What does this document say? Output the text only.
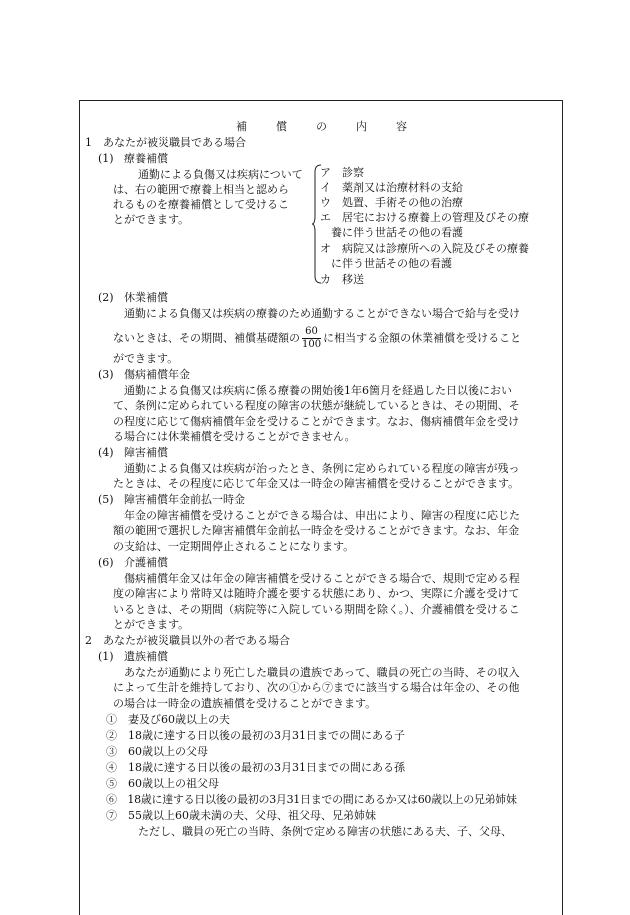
補	償	の	内	容
1　あなたが被災職員である場合
(1) 療養補償
通勤による負傷又は疾病について
は、右の範囲で療養上相当と認めら
れるものを療養補償として受けるこ
とができます。
ア　診察
イ　薬剤又は治療材料の支給
ウ　処置、手術その他の治療
エ　居宅における療養上の管理及びその療
　養に伴う世話その他の看護
オ　病院又は診療所への入院及びその療養
　に伴う世話その他の看護
カ　移送
(2) 休業補償
通勤による負傷又は疾病の療養のため通勤することができない場合で給与を受け
ないときは、その期間、補償基礎額の $\frac{60}{100}$ に相当する金額の休業補償を受けること
ができます。
(3) 傷病補償年金
通勤による負傷又は疾病に係る療養の開始後1年6箇月を経過した日以後におい
て、条例に定められている程度の障害の状態が継続しているときは、その期間、そ
の程度に応じて傷病補償年金を受けることができます。なお、傷病補償年金を受け
る場合には休業補償を受けることができません。
(4) 障害補償
通勤による負傷又は疾病が治ったとき、条例に定められている程度の障害が残っ
たときは、その程度に応じて年金又は一時金の障害補償を受けることができます。
(5) 障害補償年金前払一時金
年金の障害補償を受けることができる場合は、申出により、障害の程度に応じた
額の範囲で選択した障害補償年金前払一時金を受けることができます。なお、年金
の支給は、一定期間停止されることになります。
(6) 介護補償
傷病補償年金又は年金の障害補償を受けることができる場合で、規則で定める程
度の障害により常時又は随時介護を要する状態にあり、かつ、実際に介護を受けて
いるときは、その期間（病院等に入院している期間を除く。）、介護補償を受けるこ
とができます。
2　あなたが被災職員以外の者である場合
(1) 遺族補償
あなたが通勤により死亡した職員の遺族であって、職員の死亡の当時、その収入
によって生計を維持しており、次の①から⑦までに該当する場合は年金の、その他
の場合は一時金の遺族補償を受けることができます。
①　 妻及び60歳以上の夫
②　 18歳に達する日以後の最初の3月31日までの間にある子
③　 60歳以上の父母
④　 18歳に達する日以後の最初の3月31日までの間にある孫
⑤　 60歳以上の祖父母
⑥　 18歳に達する日以後の最初の3月31日までの間にあるか又は60歳以上の兄弟姉妹
⑦　 55歳以上60歳未満の夫、父母、祖父母、兄弟姉妹
ただし、職員の死亡の当時、条例で定める障害の状態にある夫、子、父母、
